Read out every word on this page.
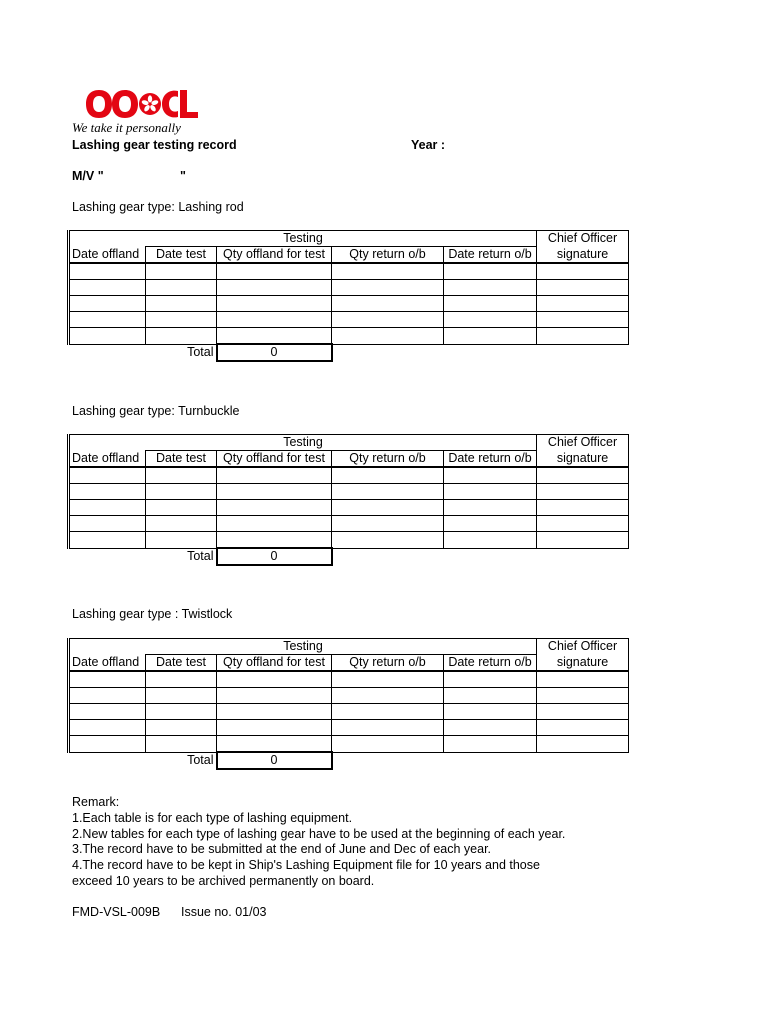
We take it personally
Lashing gear testing record	Year :
M/V "	"
Lashing gear type: Lashing rod
Testing					Chief Officer
Date offland	Date test	Qty offland for test	Qty return o/b	Date return o/b	signature

Total		0			
Lashing gear type: Turnbuckle
Testing					Chief Officer
Date offland	Date test	Qty offland for test	Qty return o/b	Date return o/b	signature

Total		0			
Lashing gear type : Twistlock
Testing					Chief Officer
Date offland	Date test	Qty offland for test	Qty return o/b	Date return o/b	signature

Total		0			
Remark:
1.Each table is for each type of lashing equipment.
2.New tables for each type of lashing gear have to be used at the beginning of each year.
3.The record have to be submitted at the end of June and Dec of each year.
4.The record have to be kept in Ship's Lashing Equipment file for 10 years and those
exceed 10 years to be archived permanently on board.
FMD-VSL-009B Issue no. 01/03
